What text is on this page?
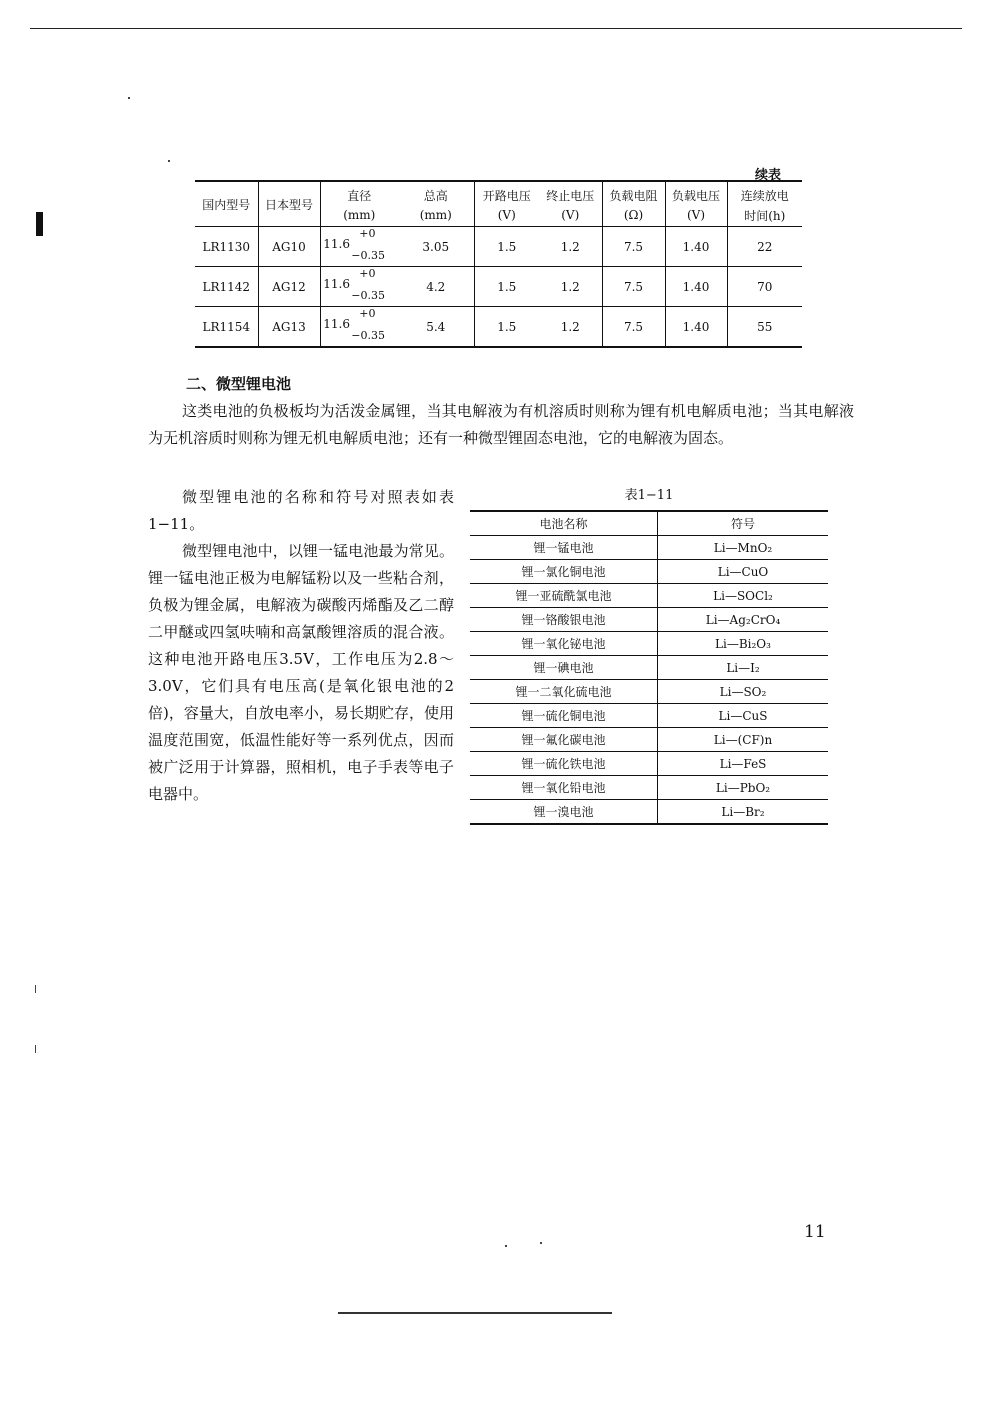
续表
国内型号	日本型号	直径	总高	开路电压	终止电压	负载电阻	负载电压	连续放电
		(mm)	(mm)	(V)	(V)	(Ω)	(V)	时间(h)
LR1130	AG10	11.6
+0
−0.35	3.05	1.5	1.2	7.5	1.40	22
LR1142	AG12	11.6
+0
−0.35	4.2	1.5	1.2	7.5	1.40	70
LR1154	AG13	11.6
+0
−0.35	5.4	1.5	1.2	7.5	1.40	55
二、微型锂电池

这类电池的负极板均为活泼金属锂，当其电解液为有机溶质时则称为锂有机电解质电池；当其电解液为无机溶质时则称为锂无机电解质电池；还有一种微型锂固态电池，它的电解液为固态。

微型锂电池的名称和符号对照表如表1−11。

微型锂电池中，以锂一锰电池最为常见。锂一锰电池正极为电解锰粉以及一些粘合剂，负极为锂金属，电解液为碳酸丙烯酯及乙二醇二甲醚或四氢呋喃和高氯酸锂溶质的混合液。这种电池开路电压3.5V，工作电压为2.8～3.0V，它们具有电压高(是氧化银电池的2倍)，容量大，自放电率小，易长期贮存，使用温度范围宽，低温性能好等一系列优点，因而被广泛用于计算器，照相机，电子手表等电子电器中。

表1−11
电池名称	符号
锂一锰电池	Li—MnO₂
锂一氯化铜电池	Li—CuO
锂一亚硫酰氯电池	Li—SOCl₂
锂一铬酸银电池	Li—Ag₂CrO₄
锂一氧化铋电池	Li—Bi₂O₃
锂一碘电池	Li—I₂
锂一二氧化硫电池	Li—SO₂
锂一硫化铜电池	Li—CuS
锂一氟化碳电池	Li—(CF)n
锂一硫化铁电池	Li—FeS
锂一氧化铅电池	Li—PbO₂
锂一溴电池	Li—Br₂
11
